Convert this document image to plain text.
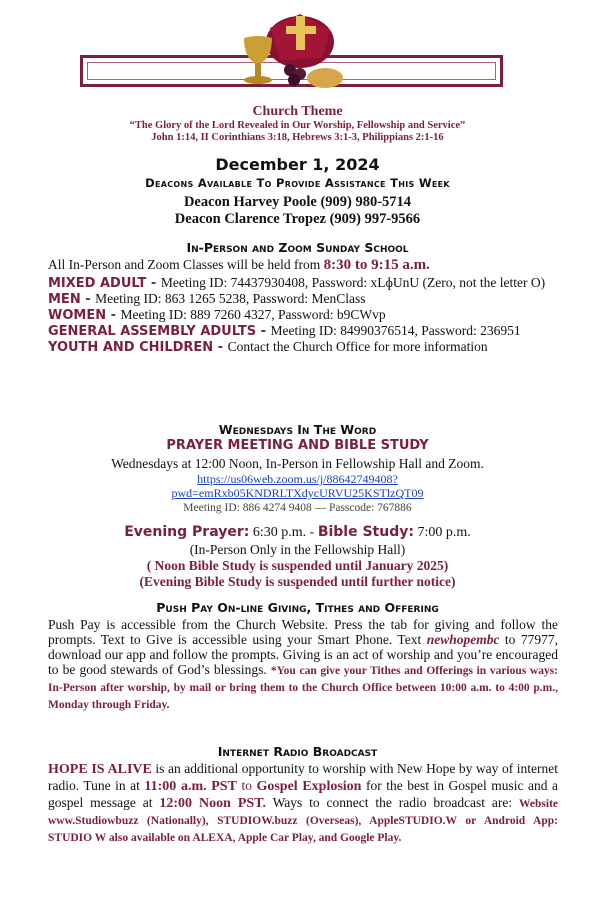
Church Theme
“The Glory of the Lord Revealed in Our Worship, Fellowship and Service”
John 1:14, II Corinthians 3:18, Hebrews 3:1-3, Philippians 2:1-16
December 1, 2024
Deacons Available To Provide Assistance This Week
Deacon Harvey Poole (909) 980-5714
Deacon Clarence Tropez (909) 997-9566
In-Person and Zoom Sunday School
All In-Person and Zoom Classes will be held from 8:30 to 9:15 a.m.
MIXED ADULT - Meeting ID: 74437930408, Password: xLɸUnU (Zero, not the letter O)
MEN - Meeting ID: 863 1265 5238, Password: MenClass
WOMEN - Meeting ID: 889 7260 4327, Password: b9CWvp
GENERAL ASSEMBLY ADULTS - Meeting ID: 84990376514, Password: 236951
YOUTH AND CHILDREN - Contact the Church Office for more information
Wednesdays In The Word
PRAYER MEETING AND BIBLE STUDY
Wednesdays at 12:00 Noon, In-Person in Fellowship Hall and Zoom.
https://us06web.zoom.us/j/88642749408?
pwd=emRxb05KNDRLTXdycURVU25KSTlzQT09
Meeting ID: 886 4274 9408 — Passcode: 767886
Evening Prayer: 6:30 p.m. - Bible Study: 7:00 p.m.
(In-Person Only in the Fellowship Hall)
( Noon Bible Study is suspended until January 2025)
(Evening Bible Study is suspended until further notice)
Push Pay On-line Giving, Tithes and Offering
Push Pay is accessible from the Church Website. Press the tab for giving and follow the prompts. Text to Give is accessible using your Smart Phone. Text newhopembc to 77977, download our app and follow the prompts. Giving is an act of worship and you’re encouraged to be good stewards of God’s blessings. *You can give your Tithes and Offerings in various ways: In-Person after worship, by mail or bring them to the Church Office between 10:00 a.m. to 4:00 p.m., Monday through Friday.
Internet Radio Broadcast
HOPE IS ALIVE is an additional opportunity to worship with New Hope by way of internet radio. Tune in at 11:00 a.m. PST to Gospel Explosion for the best in Gospel music and a gospel message at 12:00 Noon PST. Ways to connect the radio broadcast are: Website www.Studiowbuzz (Nationally), STUDIOW.buzz (Overseas), AppleSTUDIO.W or Android App: STUDIO W also available on ALEXA, Apple Car Play, and Google Play.
